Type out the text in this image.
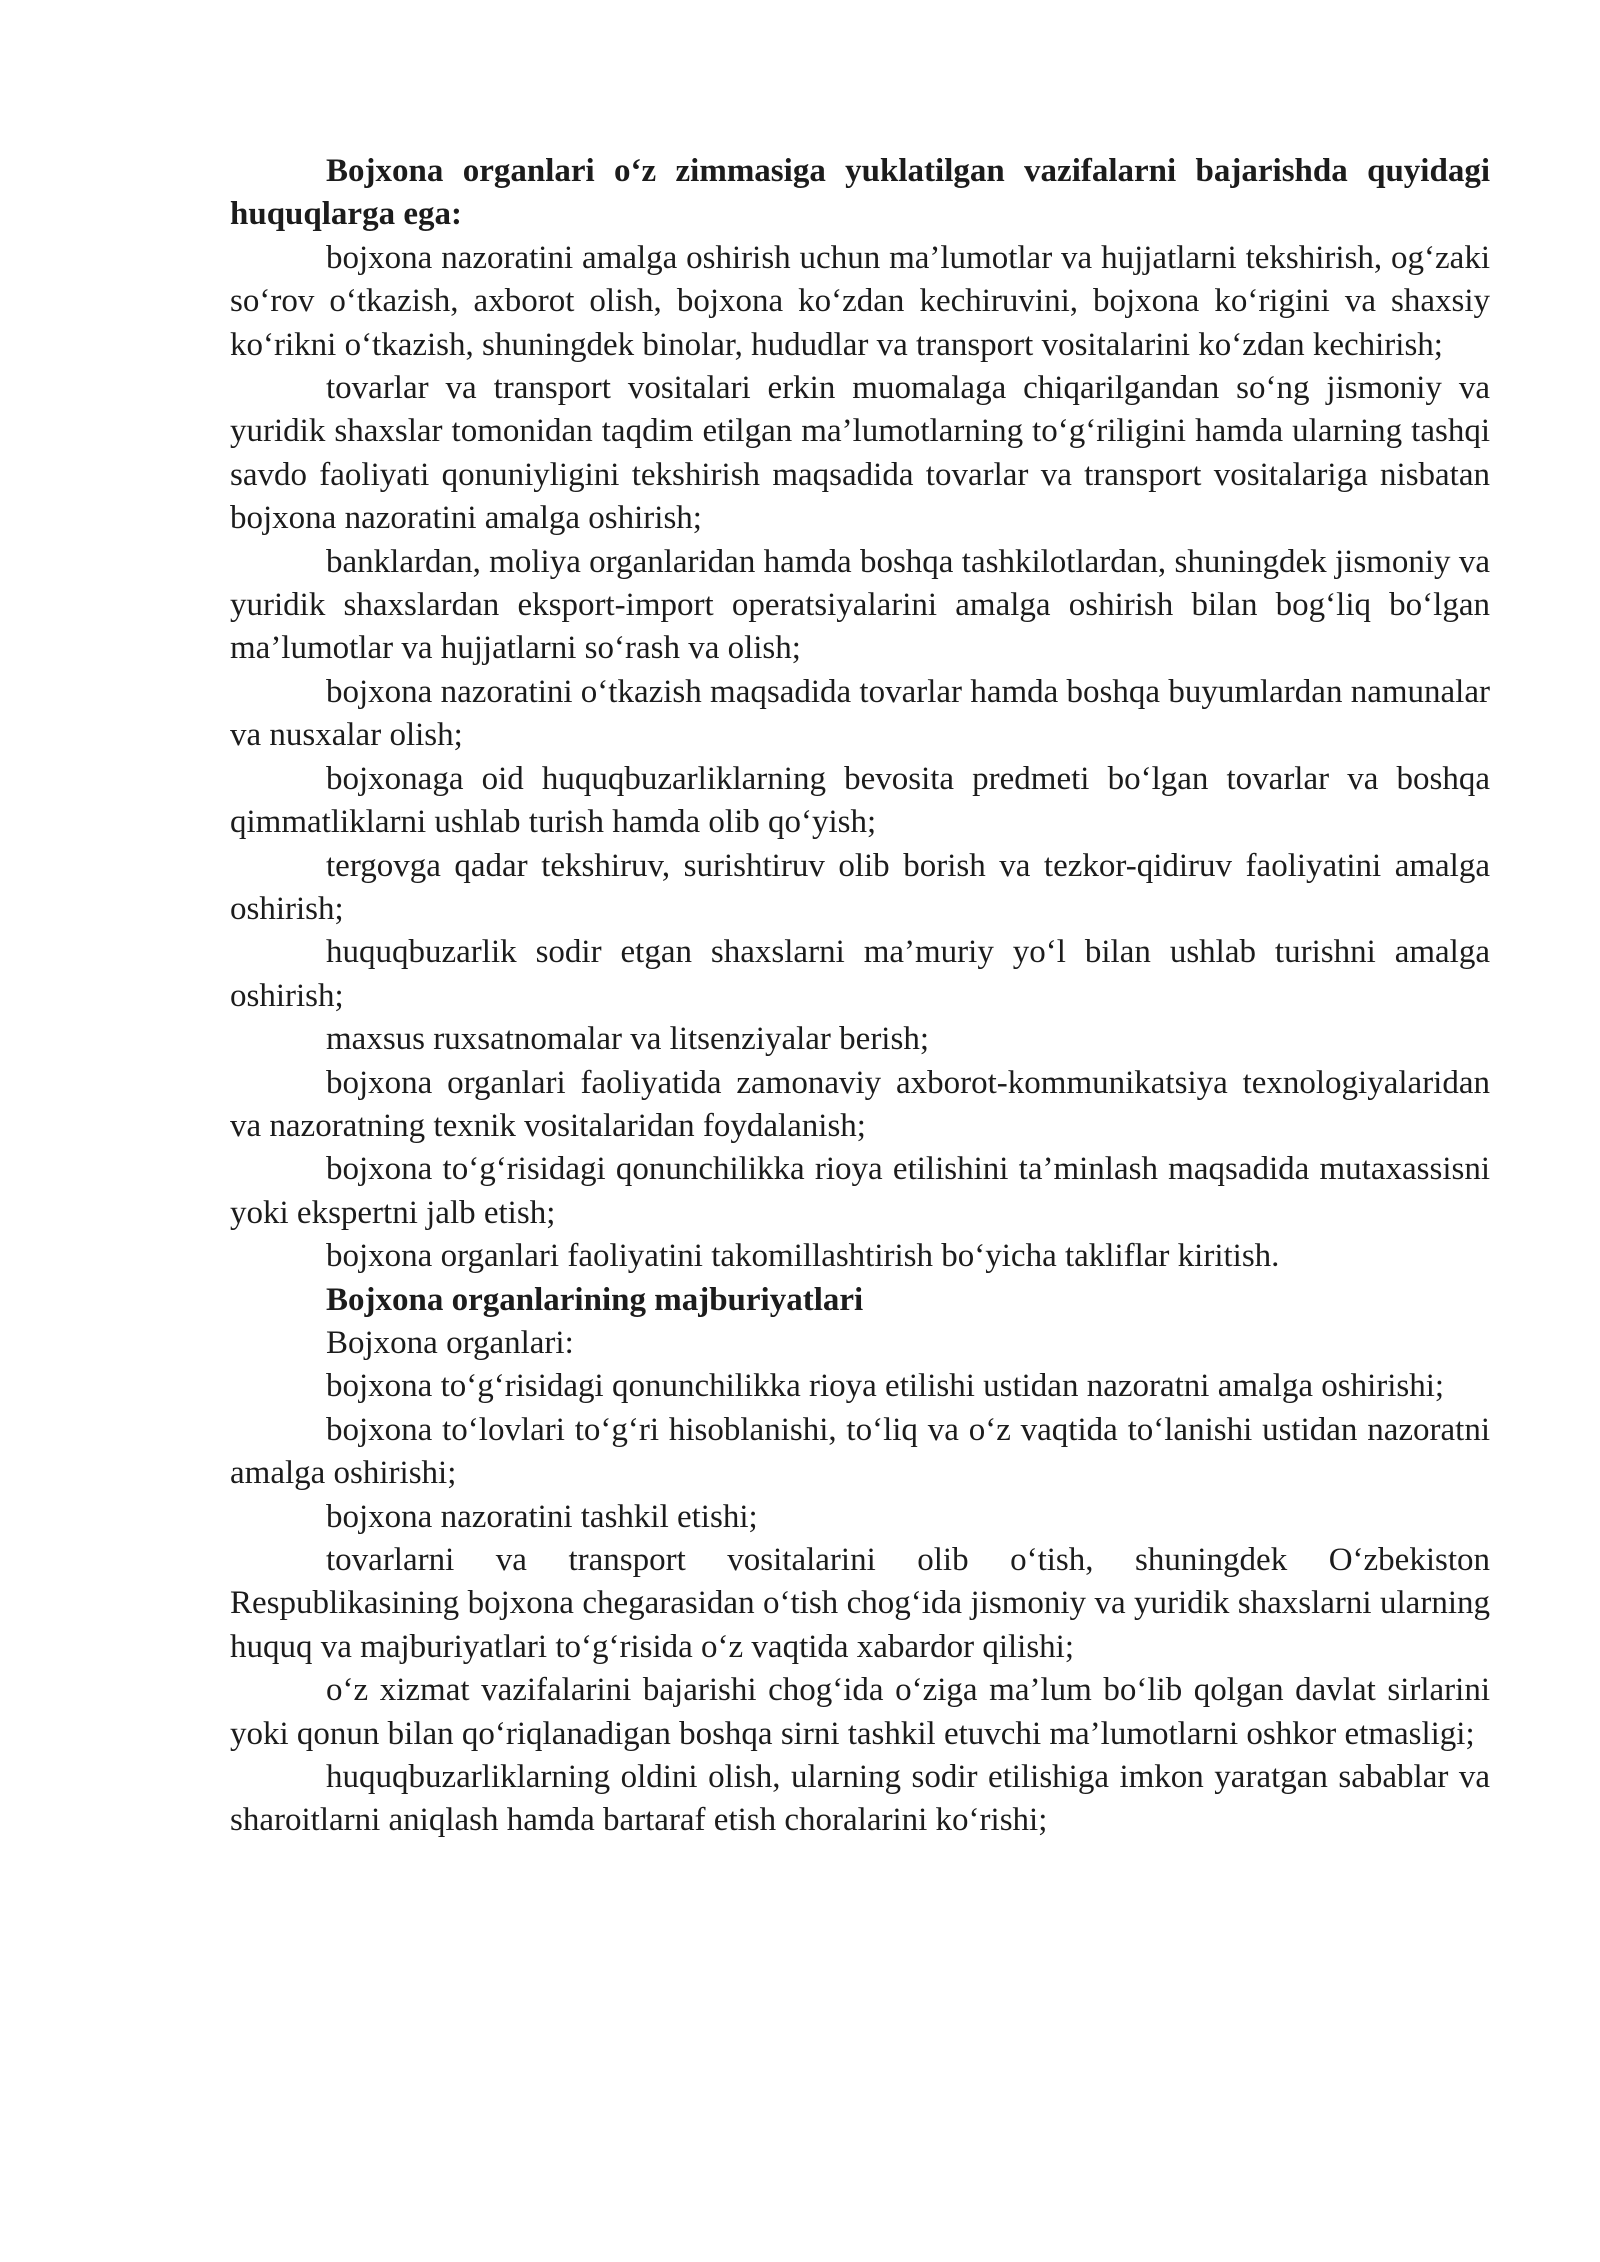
Bojxona organlari o‘z zimmasiga yuklatilgan vazifalarni bajarishda quyidagi huquqlarga ega:

bojxona nazoratini amalga oshirish uchun ma’lumotlar va hujjatlarni tekshirish, og‘zaki so‘rov o‘tkazish, axborot olish, bojxona ko‘zdan kechiruvini, bojxona ko‘rigini va shaxsiy ko‘rikni o‘tkazish, shuningdek binolar, hududlar va transport vositalarini ko‘zdan kechirish;

tovarlar va transport vositalari erkin muomalaga chiqarilgandan so‘ng jismoniy va yuridik shaxslar tomonidan taqdim etilgan ma’lumotlarning to‘g‘riligini hamda ularning tashqi savdo faoliyati qonuniyligini tekshirish maqsadida tovarlar va transport vositalariga nisbatan bojxona nazoratini amalga oshirish;

banklardan, moliya organlaridan hamda boshqa tashkilotlardan, shuningdek jismoniy va yuridik shaxslardan eksport-import operatsiyalarini amalga oshirish bilan bog‘liq bo‘lgan ma’lumotlar va hujjatlarni so‘rash va olish;

bojxona nazoratini o‘tkazish maqsadida tovarlar hamda boshqa buyumlardan namunalar va nusxalar olish;

bojxonaga oid huquqbuzarliklarning bevosita predmeti bo‘lgan tovarlar va boshqa qimmatliklarni ushlab turish hamda olib qo‘yish;

tergovga qadar tekshiruv, surishtiruv olib borish va tezkor-qidiruv faoliyatini amalga oshirish;

huquqbuzarlik sodir etgan shaxslarni ma’muriy yo‘l bilan ushlab turishni amalga oshirish;

maxsus ruxsatnomalar va litsenziyalar berish;

bojxona organlari faoliyatida zamonaviy axborot-kommunikatsiya texnologiyalaridan va nazoratning texnik vositalaridan foydalanish;

bojxona to‘g‘risidagi qonunchilikka rioya etilishini ta’minlash maqsadida mutaxassisni yoki ekspertni jalb etish;

bojxona organlari faoliyatini takomillashtirish bo‘yicha takliflar kiritish.

Bojxona organlarining majburiyatlari

Bojxona organlari:

bojxona to‘g‘risidagi qonunchilikka rioya etilishi ustidan nazoratni amalga oshirishi;

bojxona to‘lovlari to‘g‘ri hisoblanishi, to‘liq va o‘z vaqtida to‘lanishi ustidan nazoratni amalga oshirishi;

bojxona nazoratini tashkil etishi;

tovarlarni va transport vositalarini olib o‘tish, shuningdek O‘zbekiston Respublikasining bojxona chegarasidan o‘tish chog‘ida jismoniy va yuridik shaxslarni ularning huquq va majburiyatlari to‘g‘risida o‘z vaqtida xabardor qilishi;

o‘z xizmat vazifalarini bajarishi chog‘ida o‘ziga ma’lum bo‘lib qolgan davlat sirlarini yoki qonun bilan qo‘riqlanadigan boshqa sirni tashkil etuvchi ma’lumotlarni oshkor etmasligi;

huquqbuzarliklarning oldini olish, ularning sodir etilishiga imkon yaratgan sabablar va sharoitlarni aniqlash hamda bartaraf etish choralarini ko‘rishi;
